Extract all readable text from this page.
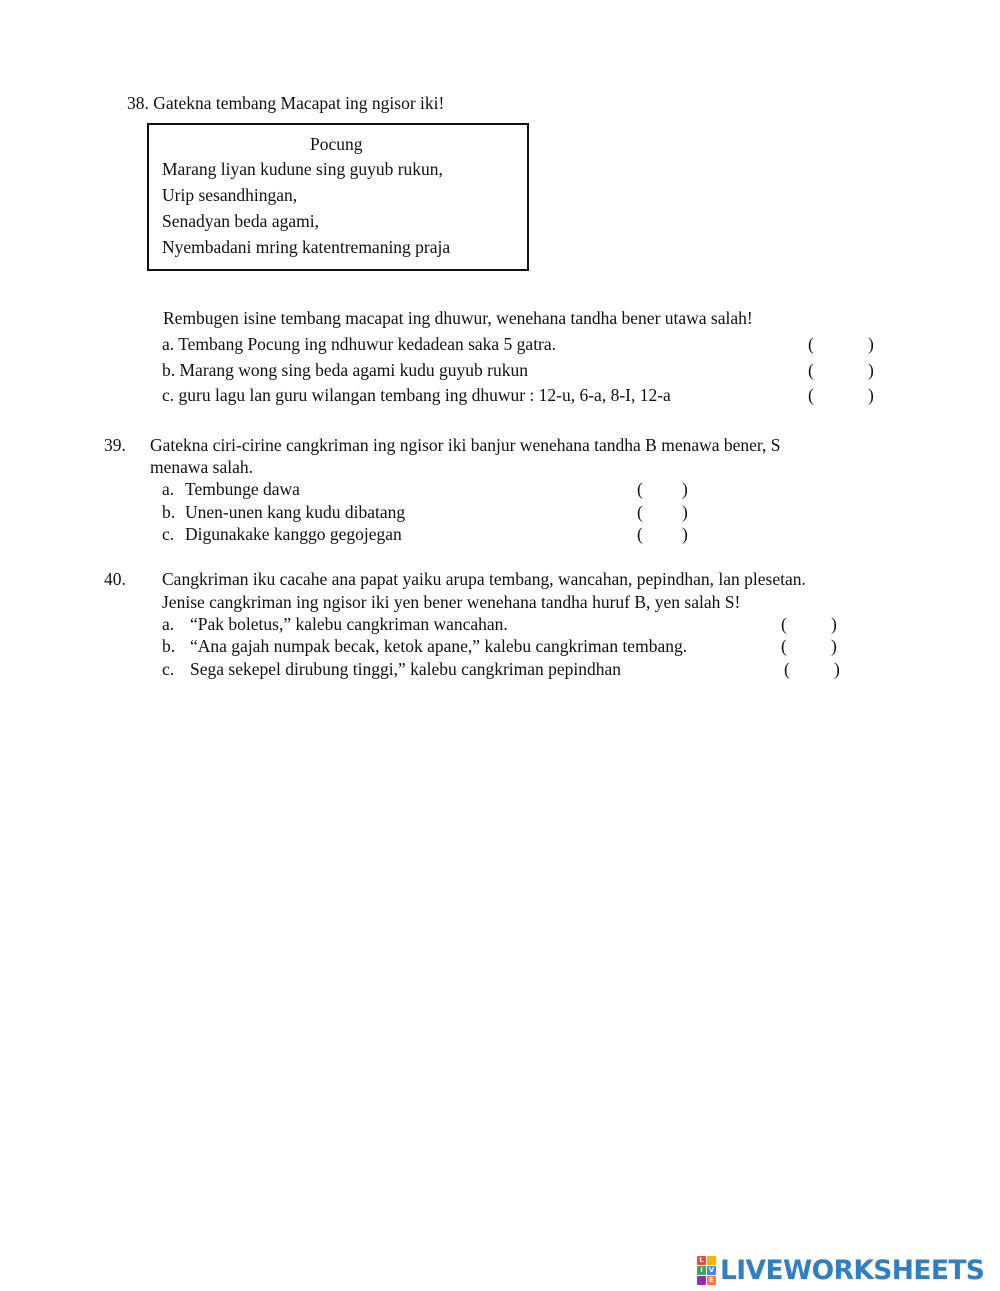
38. Gatekna tembang Macapat ing ngisor iki!
Pocung
Marang liyan kudune sing guyub rukun,
Urip sesandhingan,
Senadyan beda agami,
Nyembadani mring katentremaning praja
Rembugen isine tembang macapat ing dhuwur, wenehana tandha bener utawa salah!
a. Tembang Pocung ing ndhuwur kedadean saka 5 gatra.	(	)
b. Marang wong sing beda agami kudu guyub rukun	(	)
c. guru lagu lan guru wilangan tembang ing dhuwur : 12-u, 6-a, 8-I, 12-a	(	)
39. Gatekna ciri-cirine cangkriman ing ngisor iki banjur wenehana tandha B menawa bener, S
menawa salah.
a. Tembunge dawa	( )
b. Unen-unen kang kudu dibatang	( )
c. Digunakake kanggo gegojegan	( )
40. Cangkriman iku cacahe ana papat yaiku arupa tembang, wancahan, pepindhan, lan plesetan.
Jenise cangkriman ing ngisor iki yen bener wenehana tandha huruf B, yen salah S!
a. “Pak boletus,” kalebu cangkriman wancahan.	(	)
b. “Ana gajah numpak becak, ketok apane,” kalebu cangkriman tembang.	(	)
c. Sega sekepel dirubung tinggi,” kalebu cangkriman pepindhan	(	)
L
I V
E LIVEWORKSHEETS
